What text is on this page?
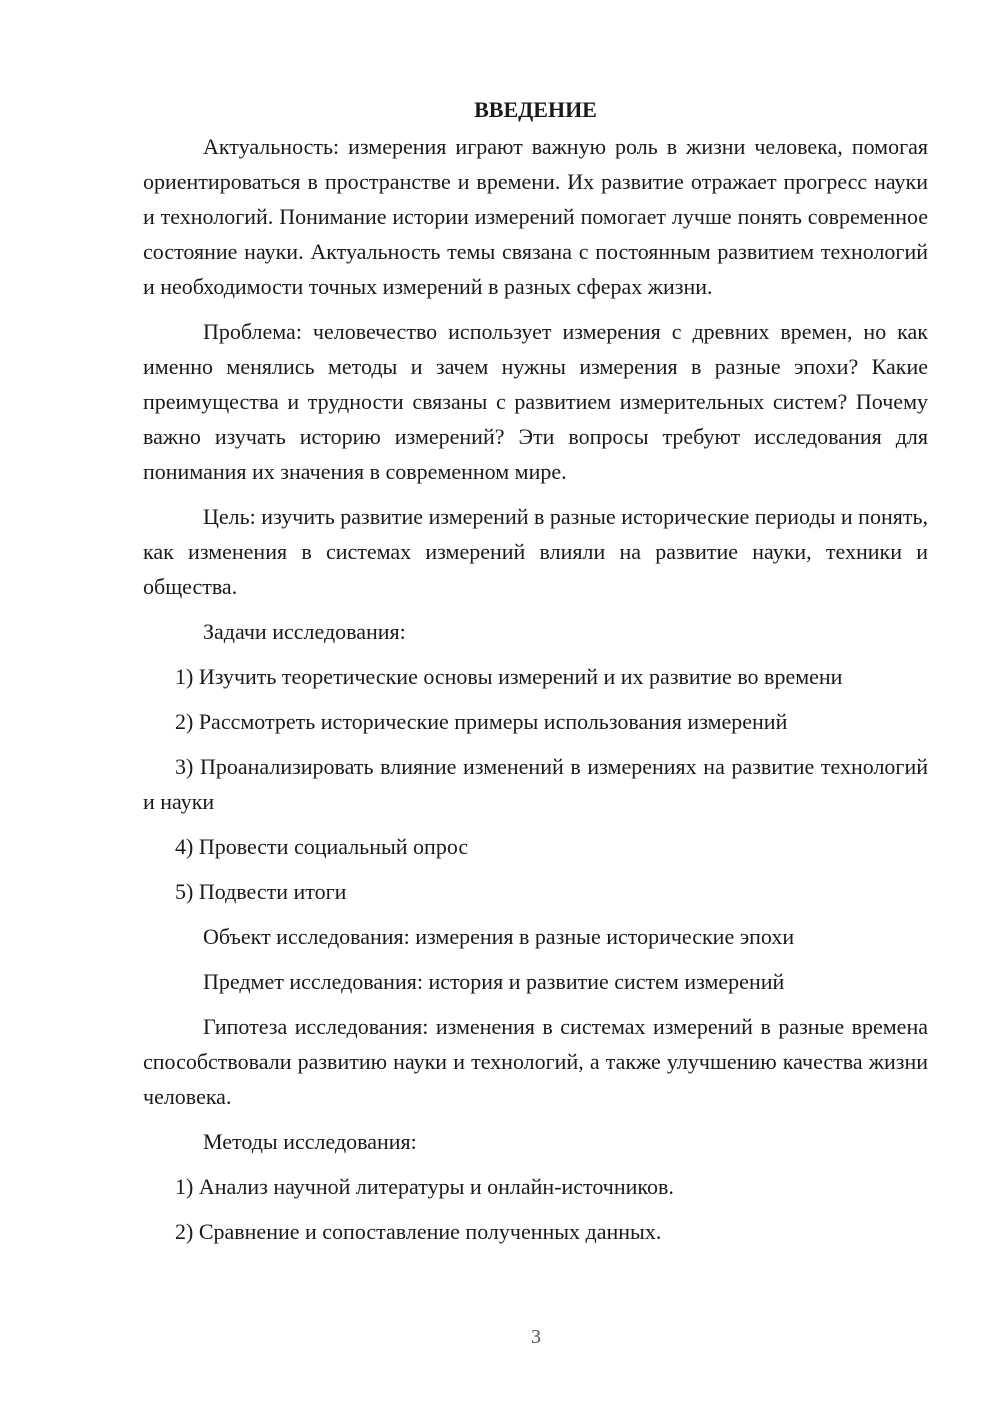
ВВЕДЕНИЕ

Актуальность: измерения играют важную роль в жизни человека, помогая ориентироваться в пространстве и времени. Их развитие отражает прогресс науки и технологий. Понимание истории измерений помогает лучше понять современное состояние науки. Актуальность темы связана с постоянным развитием технологий и необходимости точных измерений в разных сферах жизни.

Проблема: человечество использует измерения с древних времен, но как именно менялись методы и зачем нужны измерения в разные эпохи? Какие преимущества и трудности связаны с развитием измерительных систем? Почему важно изучать историю измерений? Эти вопросы требуют исследования для понимания их значения в современном мире.

Цель: изучить развитие измерений в разные исторические периоды и понять, как изменения в системах измерений влияли на развитие науки, техники и общества.

Задачи исследования:

1) Изучить теоретические основы измерений и их развитие во времени

2) Рассмотреть исторические примеры использования измерений

3) Проанализировать влияние изменений в измерениях на развитие технологий и науки

4) Провести социальный опрос

5) Подвести итоги

Объект исследования: измерения в разные исторические эпохи

Предмет исследования: история и развитие систем измерений

Гипотеза исследования: изменения в системах измерений в разные времена способствовали развитию науки и технологий, а также улучшению качества жизни человека.

Методы исследования:

1) Анализ научной литературы и онлайн-источников.

2) Сравнение и сопоставление полученных данных.

3
